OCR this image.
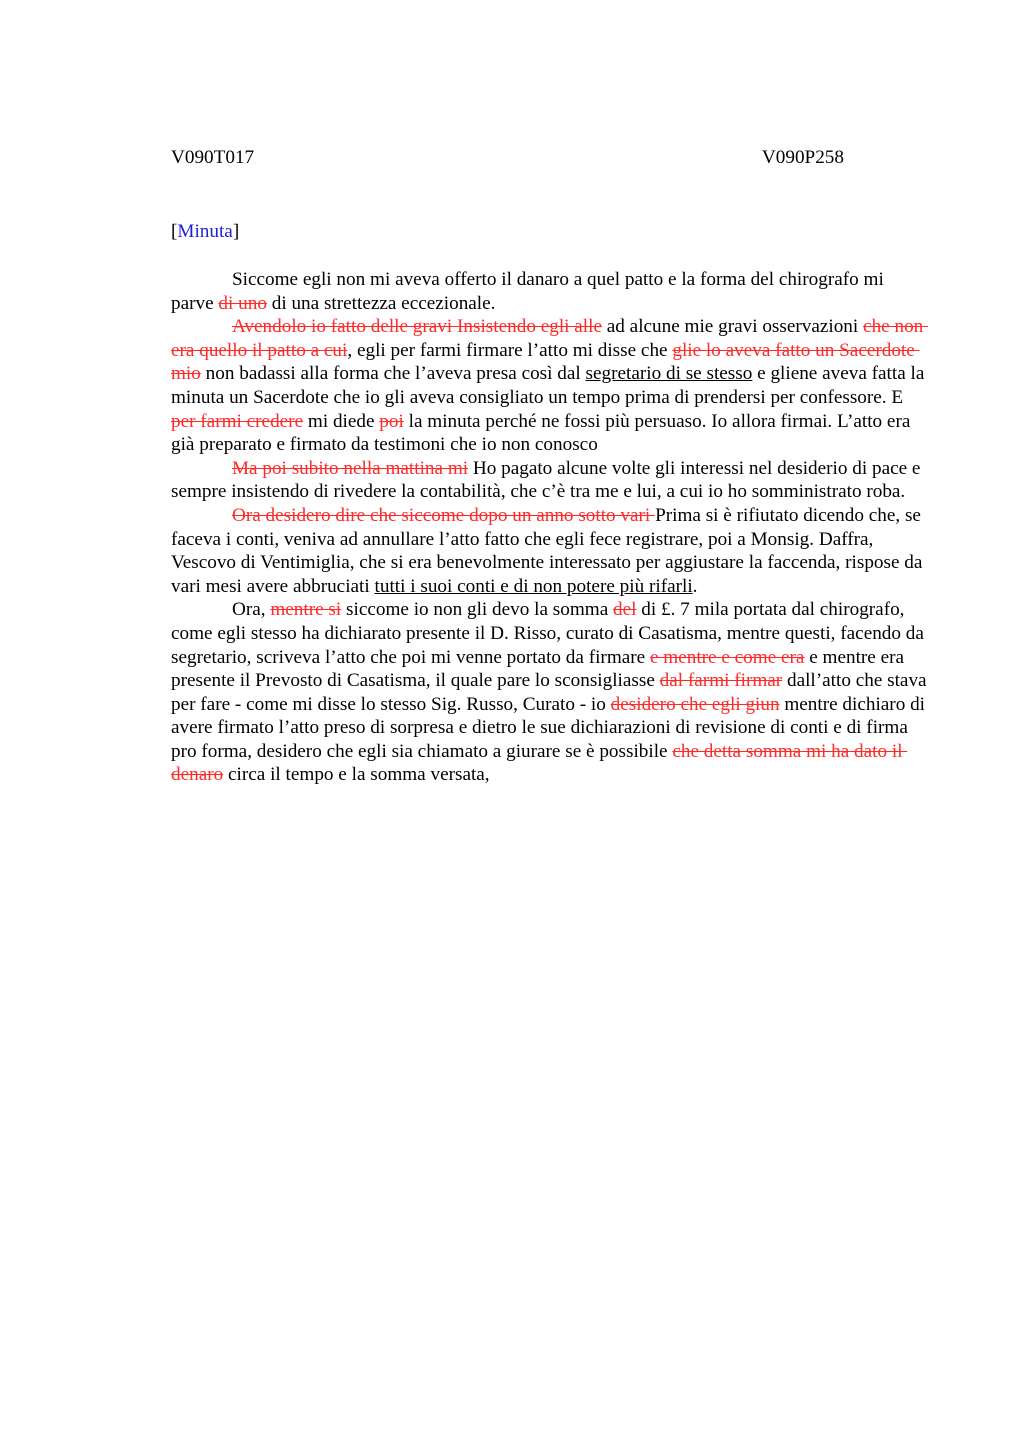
V090T017	V090P258
[Minuta]

Siccome egli non mi aveva offerto il danaro a quel patto e la forma del chirografo mi parve di uno di una strettezza eccezionale.

Avendolo io fatto delle gravi Insistendo egli alle ad alcune mie gravi osservazioni che non era quello il patto a cui, egli per farmi firmare l’atto mi disse che glie lo aveva fatto un Sacerdote mio non badassi alla forma che l’aveva presa così dal segretario di se stesso e gliene aveva fatta la minuta un Sacerdote che io gli aveva consigliato un tempo prima di prendersi per confessore. E per farmi credere mi diede poi la minuta perché ne fossi più persuaso. Io allora firmai. L’atto era già preparato e firmato da testimoni che io non conosco

Ma poi subito nella mattina mi Ho pagato alcune volte gli interessi nel desiderio di pace e sempre insistendo di rivedere la contabilità, che c’è tra me e lui, a cui io ho somministrato roba.

Ora desidero dire che siccome dopo un anno sotto vari Prima si è rifiutato dicendo che, se faceva i conti, veniva ad annullare l’atto fatto che egli fece registrare, poi a Monsig. Daffra, Vescovo di Ventimiglia, che si era benevolmente interessato per aggiustare la faccenda, rispose da vari mesi avere abbruciati tutti i suoi conti e di non potere più rifarli.

Ora, mentre si siccome io non gli devo la somma del di £. 7 mila portata dal chirografo, come egli stesso ha dichiarato presente il D. Risso, curato di Casatisma, mentre questi, facendo da segretario, scriveva l’atto che poi mi venne portato da firmare e mentre e come era e mentre era presente il Prevosto di Casatisma, il quale pare lo sconsigliasse dal farmi firmar dall’atto che stava per fare - come mi disse lo stesso Sig. Russo, Curato - io desidero che egli giun mentre dichiaro di avere firmato l’atto preso di sorpresa e dietro le sue dichiarazioni di revisione di conti e di firma pro forma, desidero che egli sia chiamato a giurare se è possibile che detta somma mi ha dato il denaro circa il tempo e la somma versata,
